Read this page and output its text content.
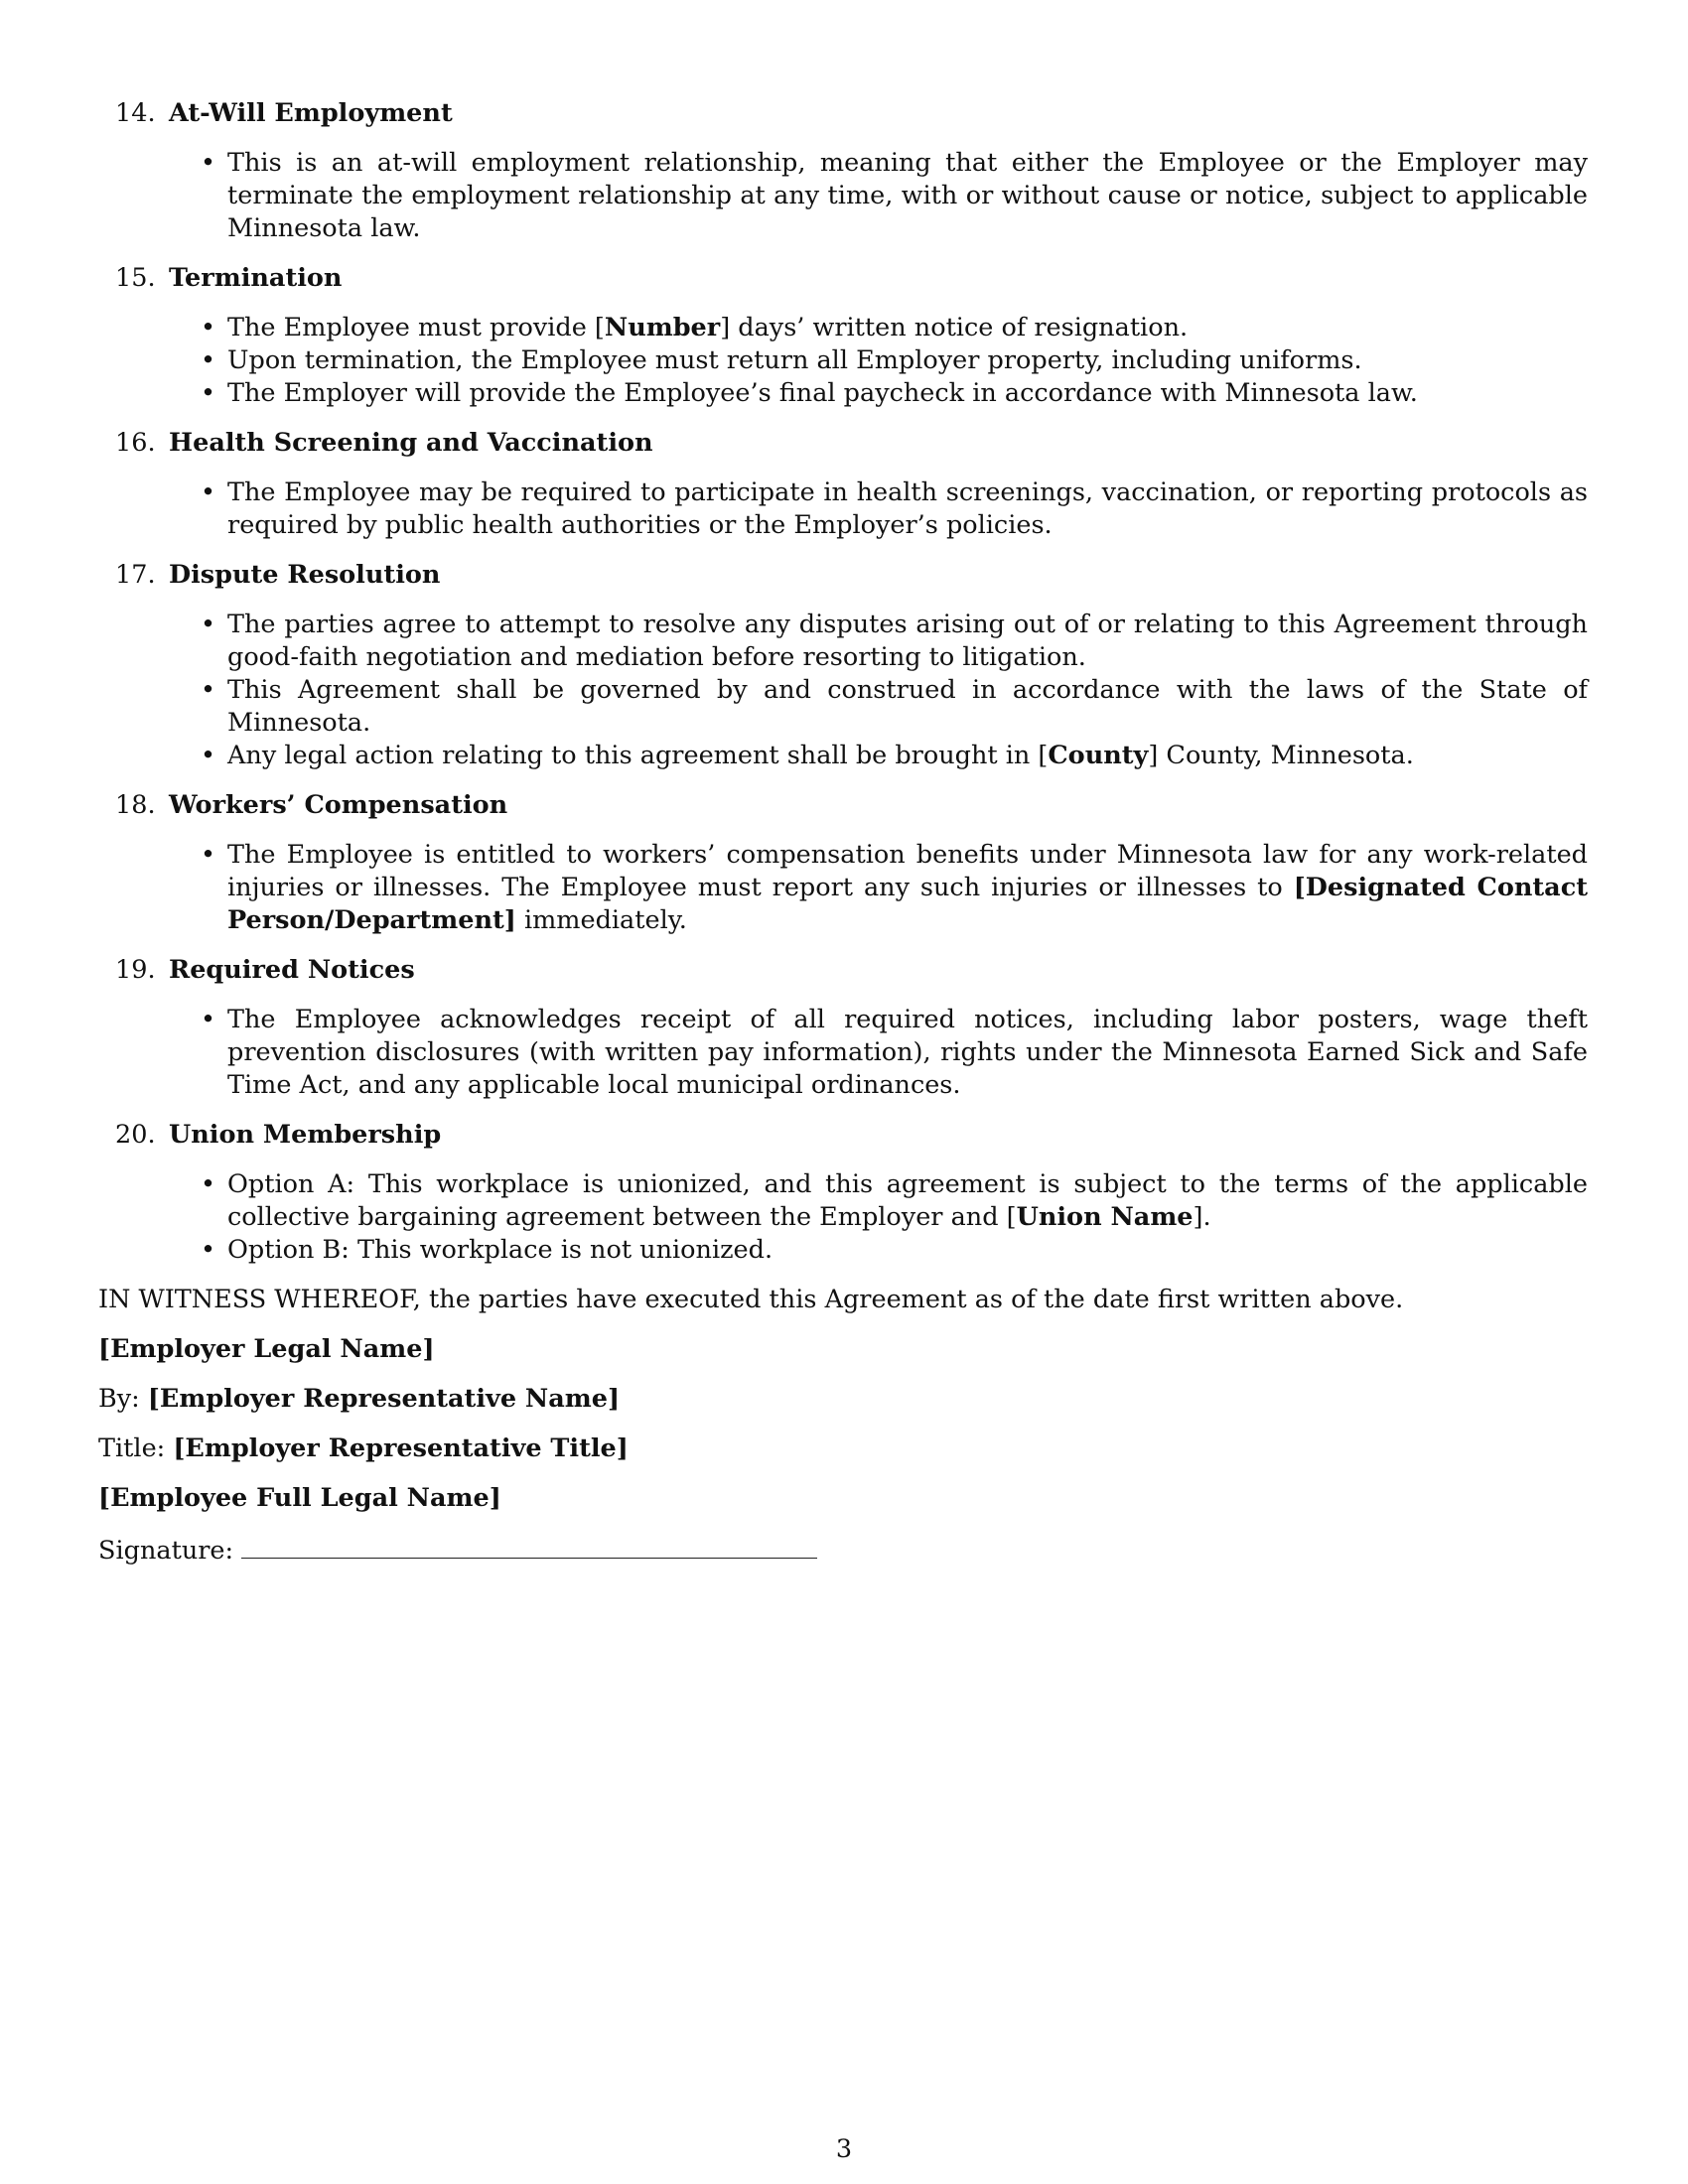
14. At-Will Employment
• This is an at-will employment relationship, meaning that either the Employee or the Employer may terminate the employment relationship at any time, with or without cause or notice, subject to applicable Minnesota law.
15. Termination
• The Employee must provide [Number] days’ written notice of resignation.
• Upon termination, the Employee must return all Employer property, including uniforms.
• The Employer will provide the Employee’s final paycheck in accordance with Minnesota law.
16. Health Screening and Vaccination
• The Employee may be required to participate in health screenings, vaccination, or reporting protocols as required by public health authorities or the Employer’s policies.
17. Dispute Resolution
• The parties agree to attempt to resolve any disputes arising out of or relating to this Agreement through good-faith negotiation and mediation before resorting to litigation.
• This Agreement shall be governed by and construed in accordance with the laws of the State of Minnesota.
• Any legal action relating to this agreement shall be brought in [County] County, Minnesota.
18. Workers’ Compensation
• The Employee is entitled to workers’ compensation benefits under Minnesota law for any work-related injuries or illnesses. The Employee must report any such injuries or illnesses to [Designated Contact Person/Department] immediately.
19. Required Notices
• The Employee acknowledges receipt of all required notices, including labor posters, wage theft prevention disclosures (with written pay information), rights under the Minnesota Earned Sick and Safe Time Act, and any applicable local municipal ordinances.
20. Union Membership
• Option A: This workplace is unionized, and this agreement is subject to the terms of the applicable collective bargaining agreement between the Employer and [Union Name].
• Option B: This workplace is not unionized.

IN WITNESS WHEREOF, the parties have executed this Agreement as of the date first written above.

[Employer Legal Name]

By: [Employer Representative Name]

Title: [Employer Representative Title]

[Employee Full Legal Name]

Signature:

3
